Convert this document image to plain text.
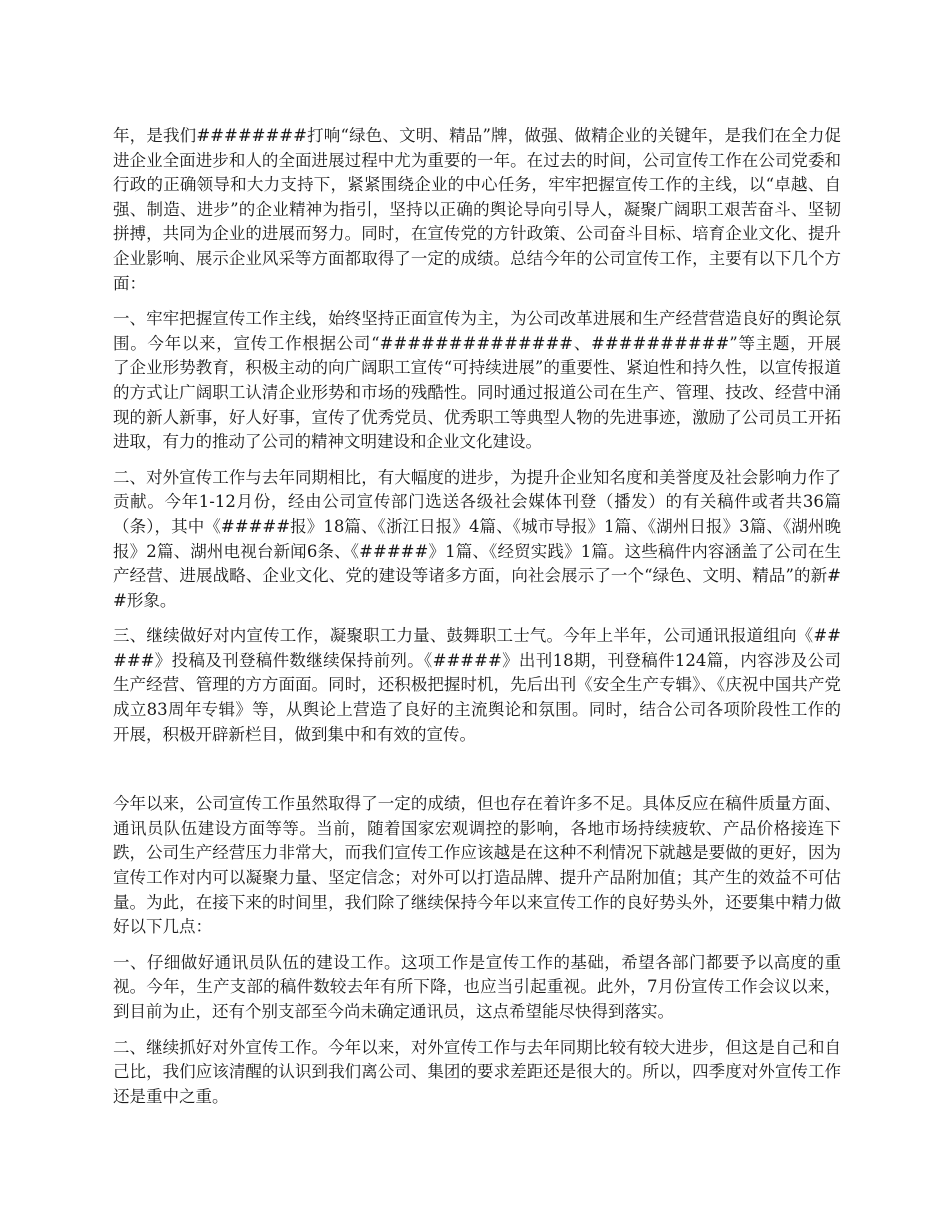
年，是我们########打响“绿色、文明、精品”牌，做强、做精企业的关键年，是我们在全力促进企业全面进步和人的全面进展过程中尤为重要的一年。在过去的时间，公司宣传工作在公司党委和行政的正确领导和大力支持下，紧紧围绕企业的中心任务，牢牢把握宣传工作的主线，以“卓越、自强、制造、进步”的企业精神为指引，坚持以正确的舆论导向引导人，凝聚广阔职工艰苦奋斗、坚韧拼搏，共同为企业的进展而努力。同时，在宣传党的方针政策、公司奋斗目标、培育企业文化、提升企业影响、展示企业风采等方面都取得了一定的成绩。总结今年的公司宣传工作，主要有以下几个方面：

一、牢牢把握宣传工作主线，始终坚持正面宣传为主，为公司改革进展和生产经营营造良好的舆论氛围。今年以来，宣传工作根据公司“##############、##########”等主题，开展了企业形势教育，积极主动的向广阔职工宣传“可持续进展”的重要性、紧迫性和持久性，以宣传报道的方式让广阔职工认清企业形势和市场的残酷性。同时通过报道公司在生产、管理、技改、经营中涌现的新人新事，好人好事，宣传了优秀党员、优秀职工等典型人物的先进事迹，激励了公司员工开拓进取，有力的推动了公司的精神文明建设和企业文化建设。

二、对外宣传工作与去年同期相比，有大幅度的进步，为提升企业知名度和美誉度及社会影响力作了贡献。今年1-12月份，经由公司宣传部门选送各级社会媒体刊登（播发）的有关稿件或者共36篇（条），其中《#####报》18篇、《浙江日报》4篇、《城市导报》1篇、《湖州日报》3篇、《湖州晚报》2篇、湖州电视台新闻6条、《#####》1篇、《经贸实践》1篇。这些稿件内容涵盖了公司在生产经营、进展战略、企业文化、党的建设等诸多方面，向社会展示了一个“绿色、文明、精品”的新##形象。

三、继续做好对内宣传工作，凝聚职工力量、鼓舞职工士气。今年上半年，公司通讯报道组向《#####》投稿及刊登稿件数继续保持前列。《#####》出刊18期，刊登稿件124篇，内容涉及公司生产经营、管理的方方面面。同时，还积极把握时机，先后出刊《安全生产专辑》、《庆祝中国共产党成立83周年专辑》等，从舆论上营造了良好的主流舆论和氛围。同时，结合公司各项阶段性工作的开展，积极开辟新栏目，做到集中和有效的宣传。

今年以来，公司宣传工作虽然取得了一定的成绩，但也存在着许多不足。具体反应在稿件质量方面、通讯员队伍建设方面等等。当前，随着国家宏观调控的影响，各地市场持续疲软、产品价格接连下跌，公司生产经营压力非常大，而我们宣传工作应该越是在这种不利情况下就越是要做的更好，因为宣传工作对内可以凝聚力量、坚定信念；对外可以打造品牌、提升产品附加值；其产生的效益不可估量。为此，在接下来的时间里，我们除了继续保持今年以来宣传工作的良好势头外，还要集中精力做好以下几点：

一、仔细做好通讯员队伍的建设工作。这项工作是宣传工作的基础，希望各部门都要予以高度的重视。今年，生产支部的稿件数较去年有所下降，也应当引起重视。此外，7月份宣传工作会议以来，到目前为止，还有个别支部至今尚未确定通讯员，这点希望能尽快得到落实。

二、继续抓好对外宣传工作。今年以来，对外宣传工作与去年同期比较有较大进步，但这是自己和自己比，我们应该清醒的认识到我们离公司、集团的要求差距还是很大的。所以，四季度对外宣传工作还是重中之重。
